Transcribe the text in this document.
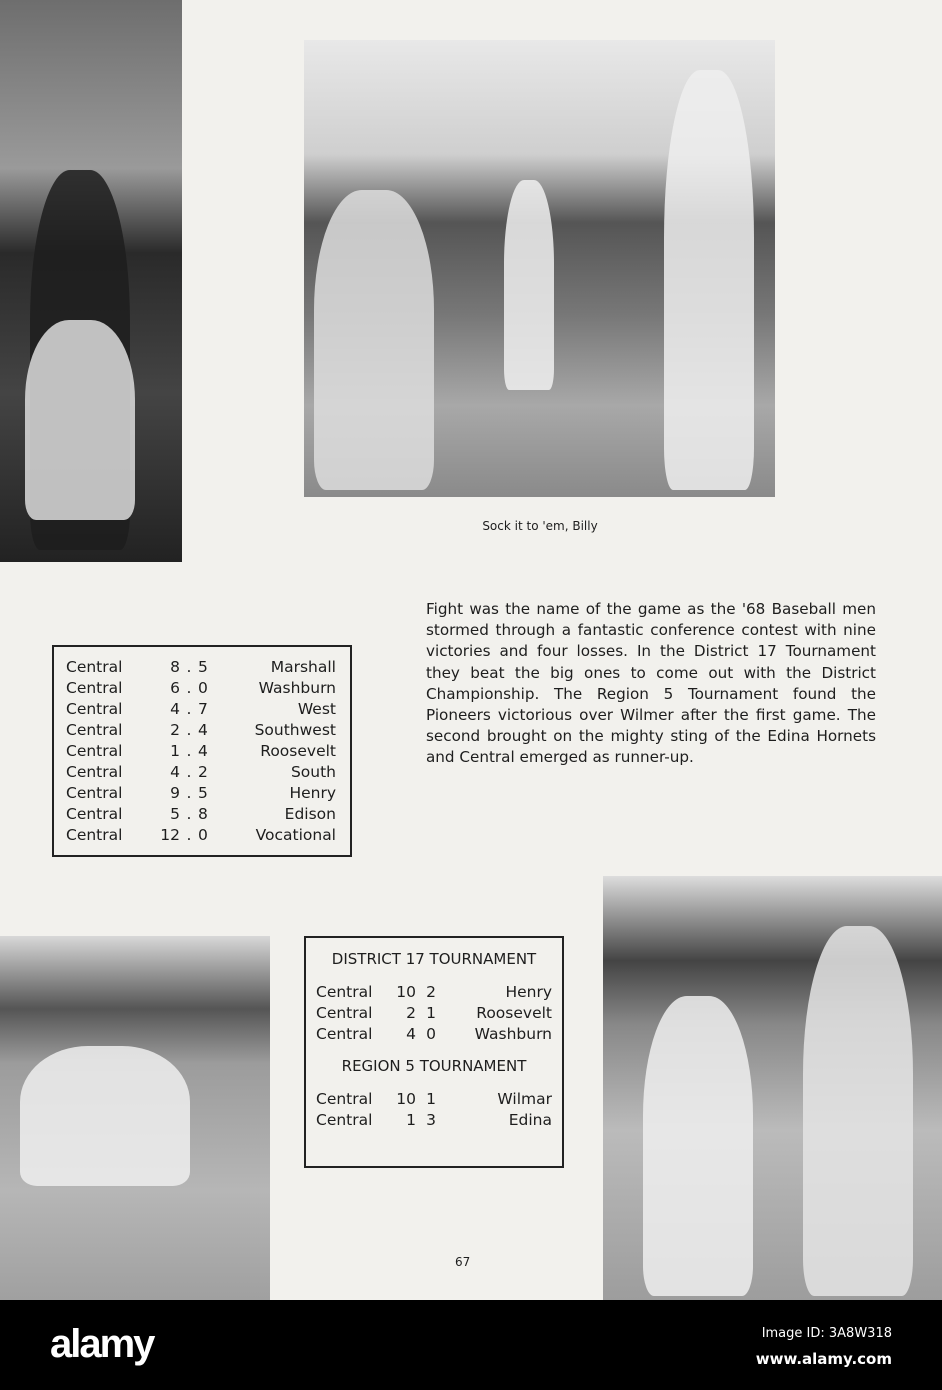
Sock it to 'em, Billy
Fight was the name of the game as the '68 Baseball men stormed through a fantastic conference contest with nine victories and four losses. In the District 17 Tournament they beat the big ones to come out with the District Championship. The Region 5 Tournament found the Pioneers victorious over Wilmer after the first game. The second brought on the mighty sting of the Edina Hornets and Central emerged as runner-up.
Central	8 . 5	Marshall
Central	6 . 0	Washburn
Central	4 . 7	West
Central	2 . 4	Southwest
Central	1 . 4	Roosevelt
Central	4 . 2	South
Central	9 . 5	Henry
Central	5 . 8	Edison
Central	12 . 0	Vocational
DISTRICT 17 TOURNAMENT
Central	10 2	Henry
Central	2 1	Roosevelt
Central	4 0	Washburn
REGION 5 TOURNAMENT
Central	10 1	Wilmar
Central	1 3	Edina
67
alamy	Image ID: 3A8W318
www.alamy.com
